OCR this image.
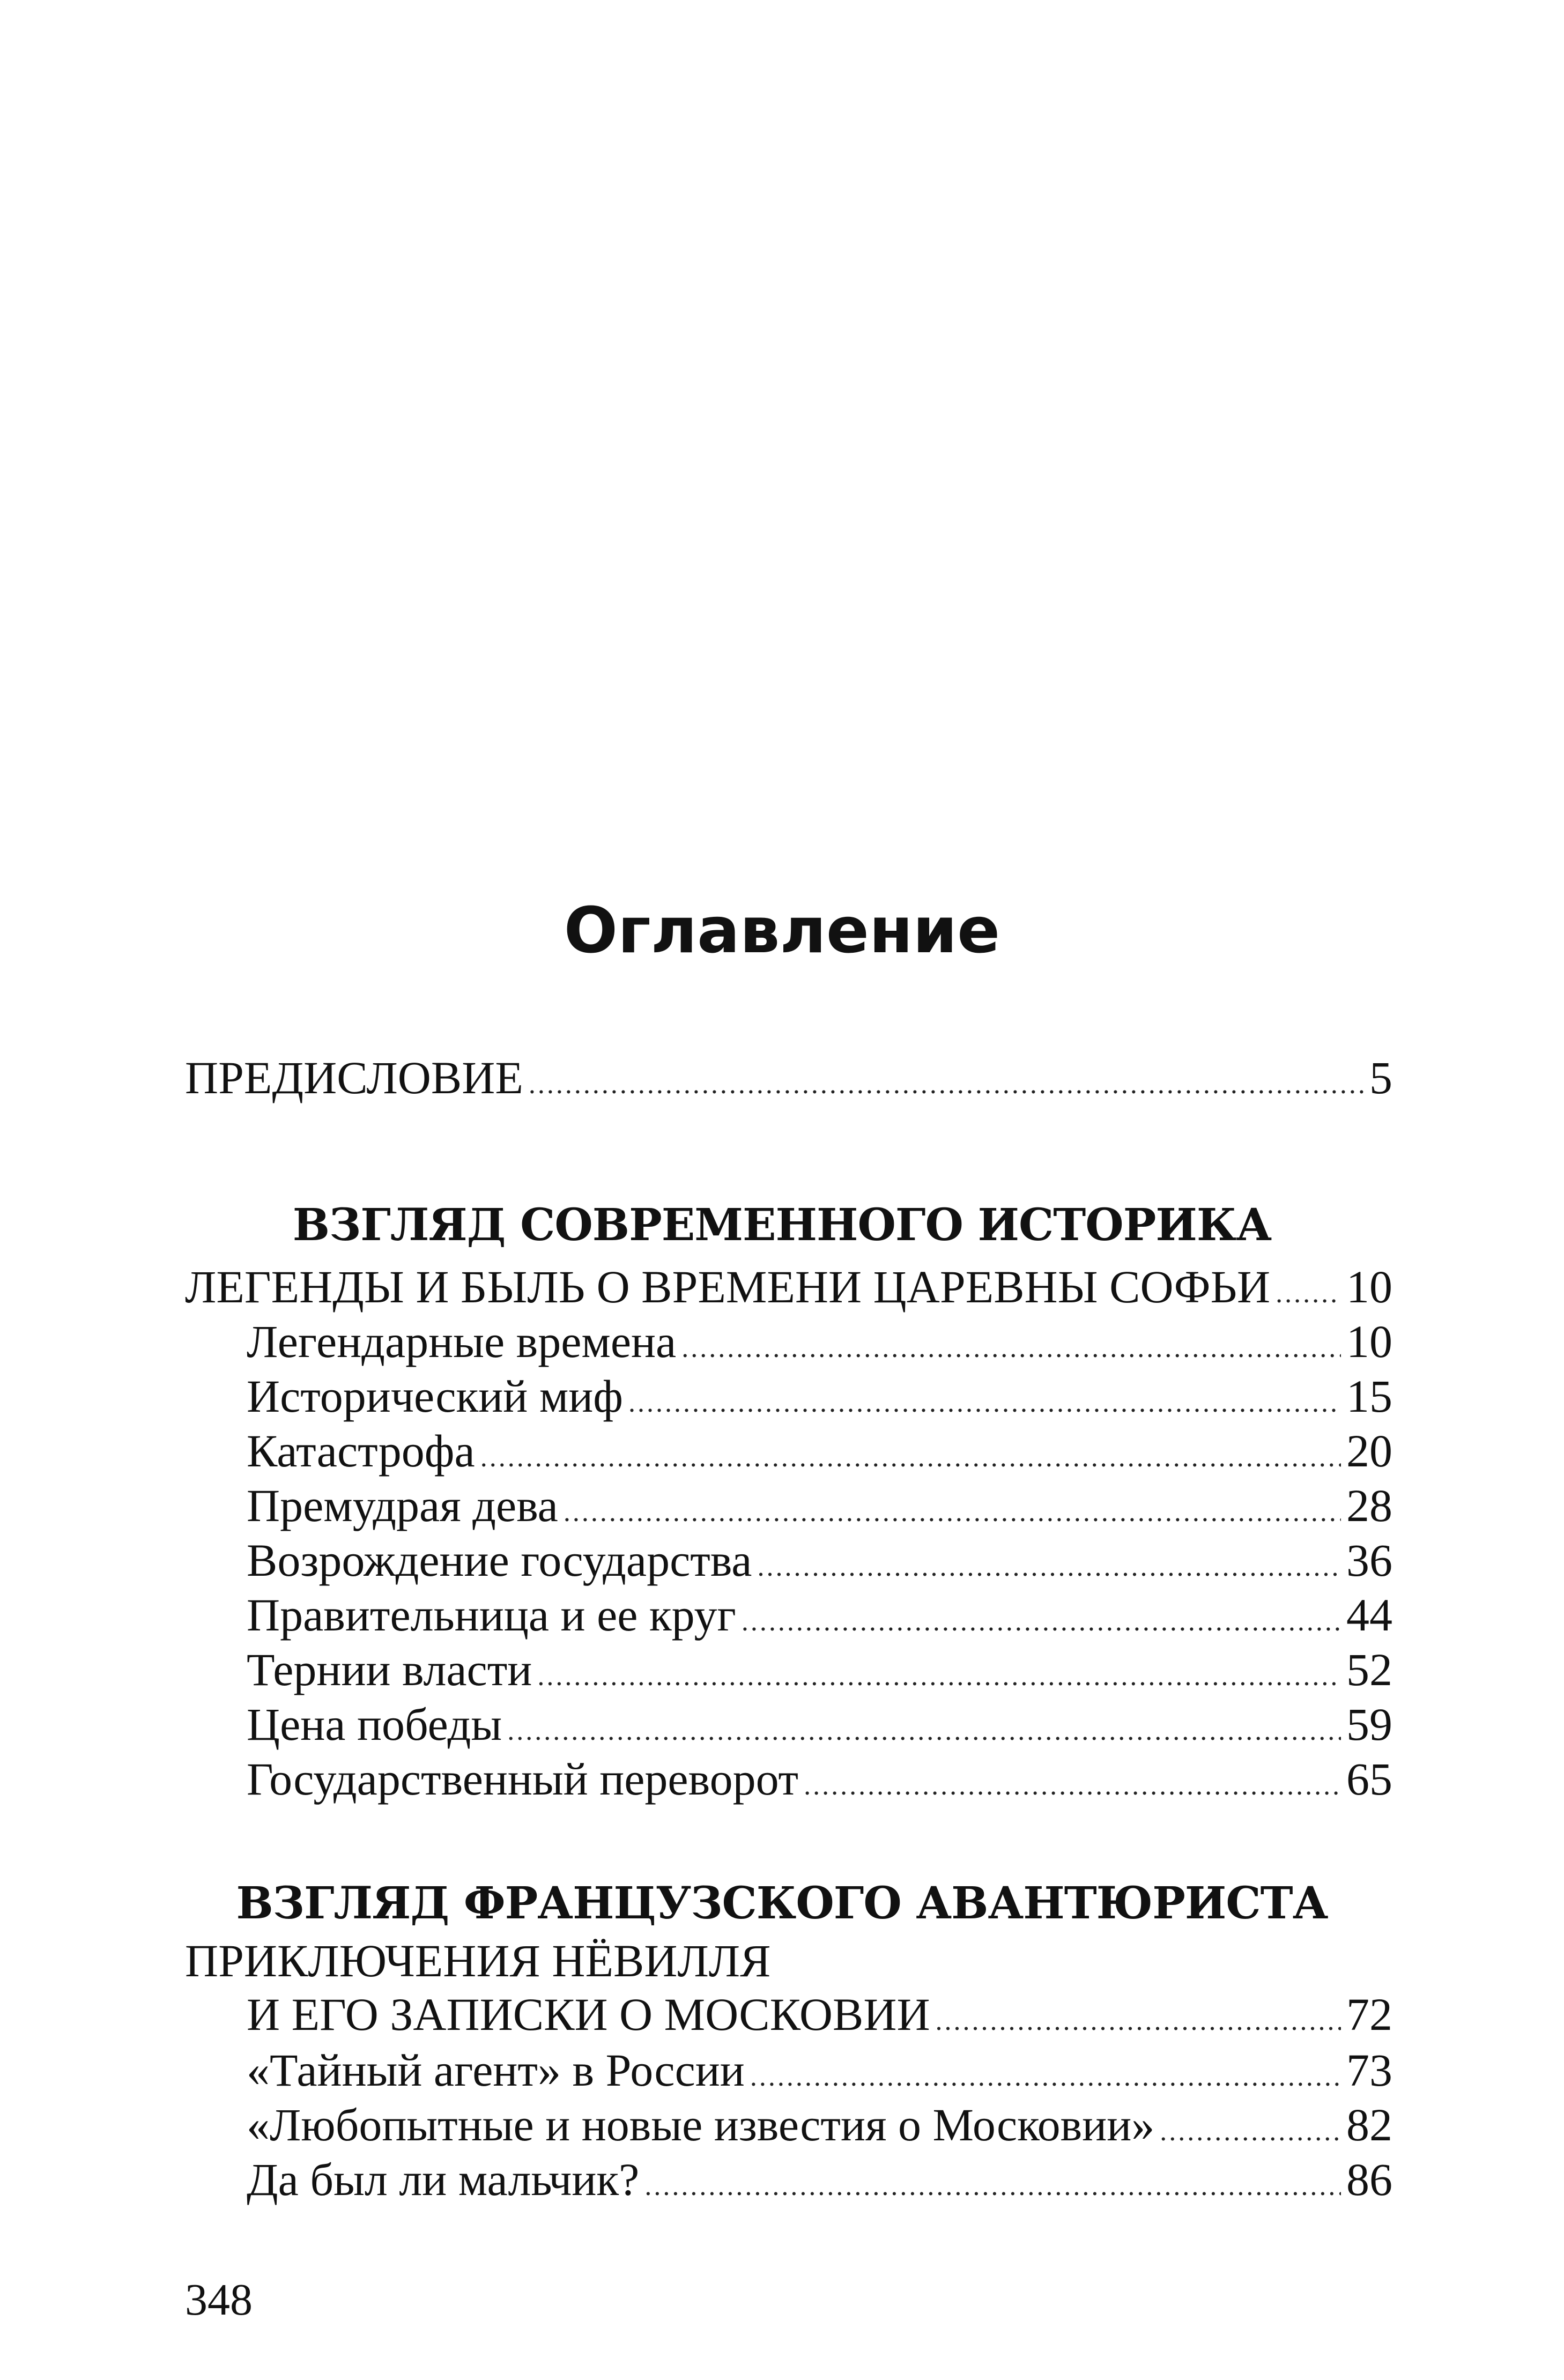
Оглавление
ПРЕДИСЛОВИЕ .....	5
ВЗГЛЯД СОВРЕМЕННОГО ИСТОРИКА
ЛЕГЕНДЫ И БЫЛЬ О ВРЕМЕНИ ЦАРЕВНЫ СОФЬИ ..... 10
Легендарные времена .....	10
Исторический миф .....	15
Катастрофа .....	20
Премудрая дева .....	28
Возрождение государства .....	36
Правительница и ее круг .....	44
Тернии власти .....	52
Цена победы .....	59
Государственный переворот .....	65
ВЗГЛЯД ФРАНЦУЗСКОГО АВАНТЮРИСТА
ПРИКЛЮЧЕНИЯ НЁВИЛЛЯ
И ЕГО ЗАПИСКИ О МОСКОВИИ .....	72
«Тайный агент» в России .....	73
«Любопытные и новые известия о Московии» .....	82
Да был ли мальчик? .....	86
348
